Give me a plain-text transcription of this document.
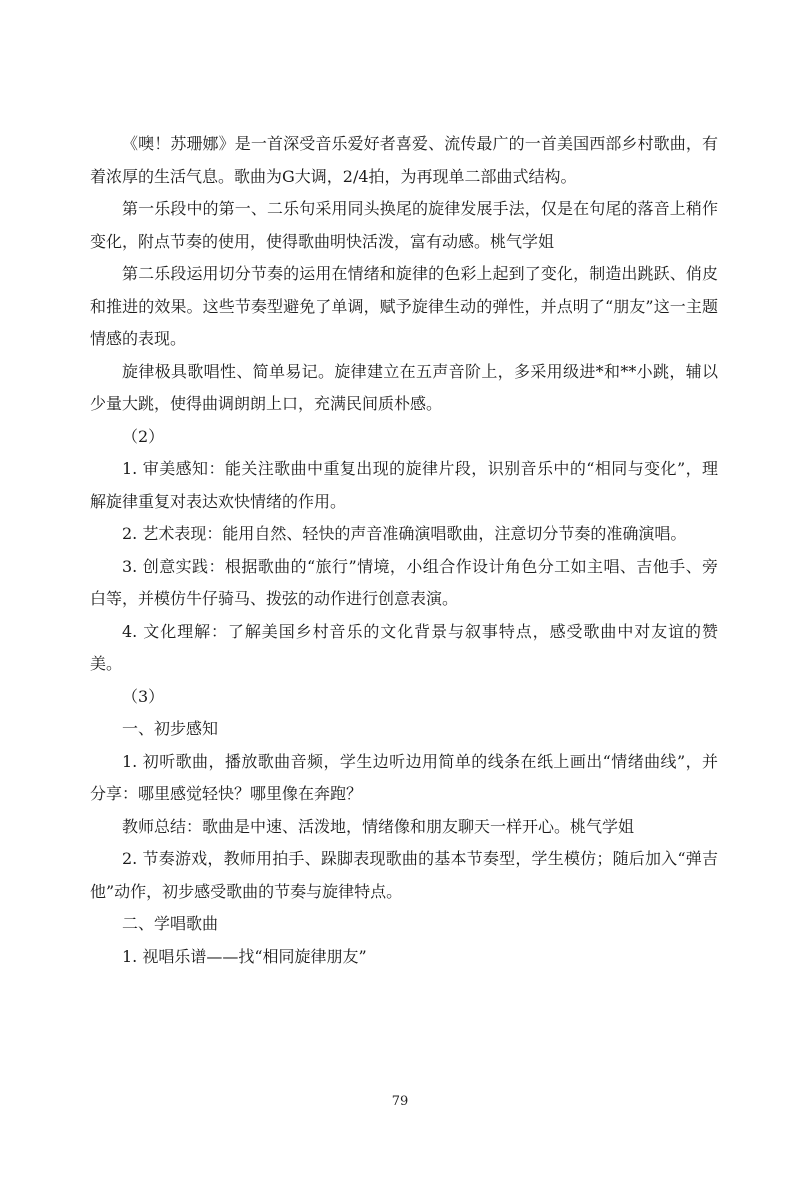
《噢！苏珊娜》是一首深受音乐爱好者喜爱、流传最广的一首美国西部乡村歌曲，有着浓厚的生活气息。歌曲为G大调，2/4拍，为再现单二部曲式结构。

第一乐段中的第一、二乐句采用同头换尾的旋律发展手法，仅是在句尾的落音上稍作变化，附点节奏的使用，使得歌曲明快活泼，富有动感。桃气学姐

第二乐段运用切分节奏的运用在情绪和旋律的色彩上起到了变化，制造出跳跃、俏皮和推进的效果。这些节奏型避免了单调，赋予旋律生动的弹性，并点明了“朋友”这一主题情感的表现。

旋律极具歌唱性、简单易记。旋律建立在五声音阶上，多采用级进*和**小跳，辅以少量大跳，使得曲调朗朗上口，充满民间质朴感。

（2）

1. 审美感知：能关注歌曲中重复出现的旋律片段，识别音乐中的“相同与变化”，理解旋律重复对表达欢快情绪的作用。

2. 艺术表现：能用自然、轻快的声音准确演唱歌曲，注意切分节奏的准确演唱。

3. 创意实践：根据歌曲的“旅行”情境，小组合作设计角色分工如主唱、吉他手、旁白等，并模仿牛仔骑马、拨弦的动作进行创意表演。

4. 文化理解：了解美国乡村音乐的文化背景与叙事特点，感受歌曲中对友谊的赞美。

（3）

一、初步感知

1. 初听歌曲，播放歌曲音频，学生边听边用简单的线条在纸上画出“情绪曲线”，并分享：哪里感觉轻快？哪里像在奔跑？

教师总结：歌曲是中速、活泼地，情绪像和朋友聊天一样开心。桃气学姐

2. 节奏游戏，教师用拍手、跺脚表现歌曲的基本节奏型，学生模仿；随后加入“弹吉他”动作，初步感受歌曲的节奏与旋律特点。

二、学唱歌曲

1. 视唱乐谱——找“相同旋律朋友”

79
